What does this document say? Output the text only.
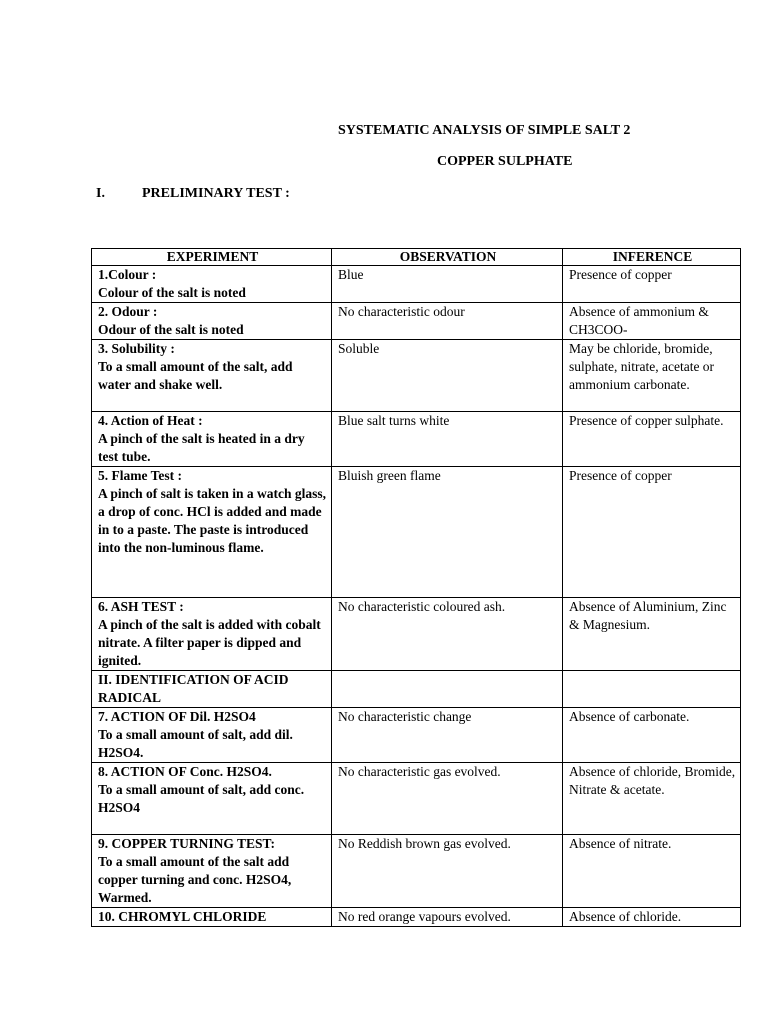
SYSTEMATIC ANALYSIS OF SIMPLE SALT 2
COPPER SULPHATE
I.	PRELIMINARY TEST :
EXPERIMENT	OBSERVATION	INFERENCE

1.Colour :
Colour of the salt is noted	Blue	Presence of copper

2. Odour :
Odour of the salt is noted	No characteristic odour	Absence of ammonium & CH3COO-

3. Solubility :
To a small amount of the salt, add water and shake well.	Soluble	May be chloride, bromide, sulphate, nitrate, acetate or ammonium carbonate.

4. Action of Heat :
A pinch of the salt is heated in a dry test tube.	Blue salt turns white	Presence of copper sulphate.

5. Flame Test :
A pinch of salt is taken in a watch glass, a drop of conc. HCl is added and made in to a paste. The paste is introduced into the non-luminous flame.	Bluish green flame	Presence of copper

6. ASH TEST :
A pinch of the salt is added with cobalt nitrate. A filter paper is dipped and ignited.	No characteristic coloured ash.	Absence of Aluminium, Zinc & Magnesium.

II. IDENTIFICATION OF ACID RADICAL		

7. ACTION OF Dil. H2SO4
To a small amount of salt, add dil. H2SO4.	No characteristic change	Absence of carbonate.

8. ACTION OF Conc. H2SO4.
To a small amount of salt, add conc. H2SO4	No characteristic gas evolved.	Absence of chloride, Bromide, Nitrate & acetate.

9. COPPER TURNING TEST:
To a small amount of the salt add copper turning and conc. H2SO4, Warmed.	No Reddish brown gas evolved.	Absence of nitrate.

10. CHROMYL CHLORIDE	No red orange vapours evolved.	Absence of chloride.
